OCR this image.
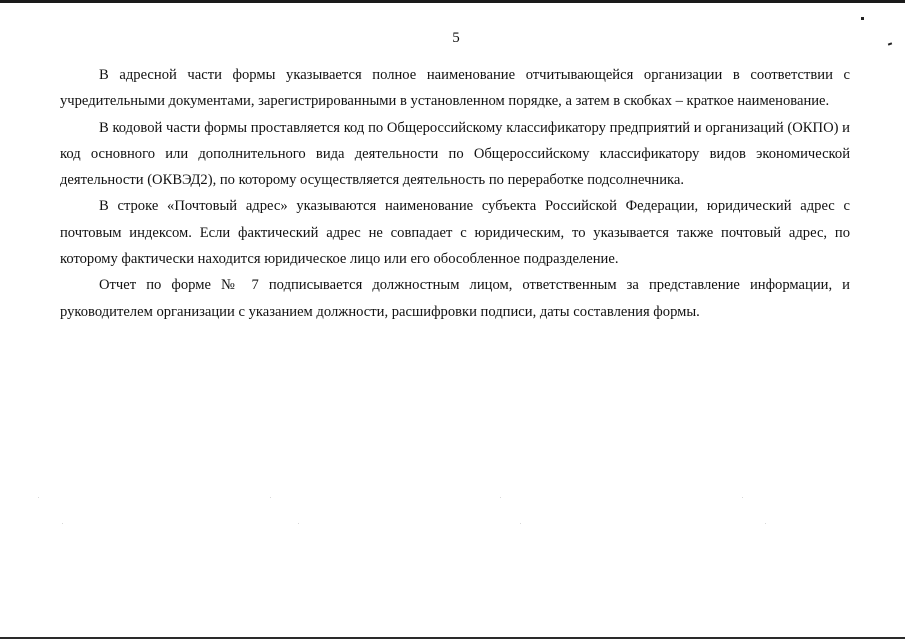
5

В адресной части формы указывается полное наименование отчитывающейся организации в соответствии с учредительными документами, зарегистрированными в установленном порядке, а затем в скобках – краткое наименование.

В кодовой части формы проставляется код по Общероссийскому классификатору предприятий и организаций (ОКПО) и код основного или дополнительного вида деятельности по Общероссийскому классификатору видов экономической деятельности (ОКВЭД2), по которому осуществляется деятельность по переработке подсолнечника.

В строке «Почтовый адрес» указываются наименование субъекта Российской Федерации, юридический адрес с почтовым индексом. Если фактический адрес не совпадает с юридическим, то указывается также почтовый адрес, по которому фактически находится юридическое лицо или его обособленное подразделение.

Отчет по форме № 7 подписывается должностным лицом, ответственным за представление информации, и руководителем организации с указанием должности, расшифровки подписи, даты составления формы.
